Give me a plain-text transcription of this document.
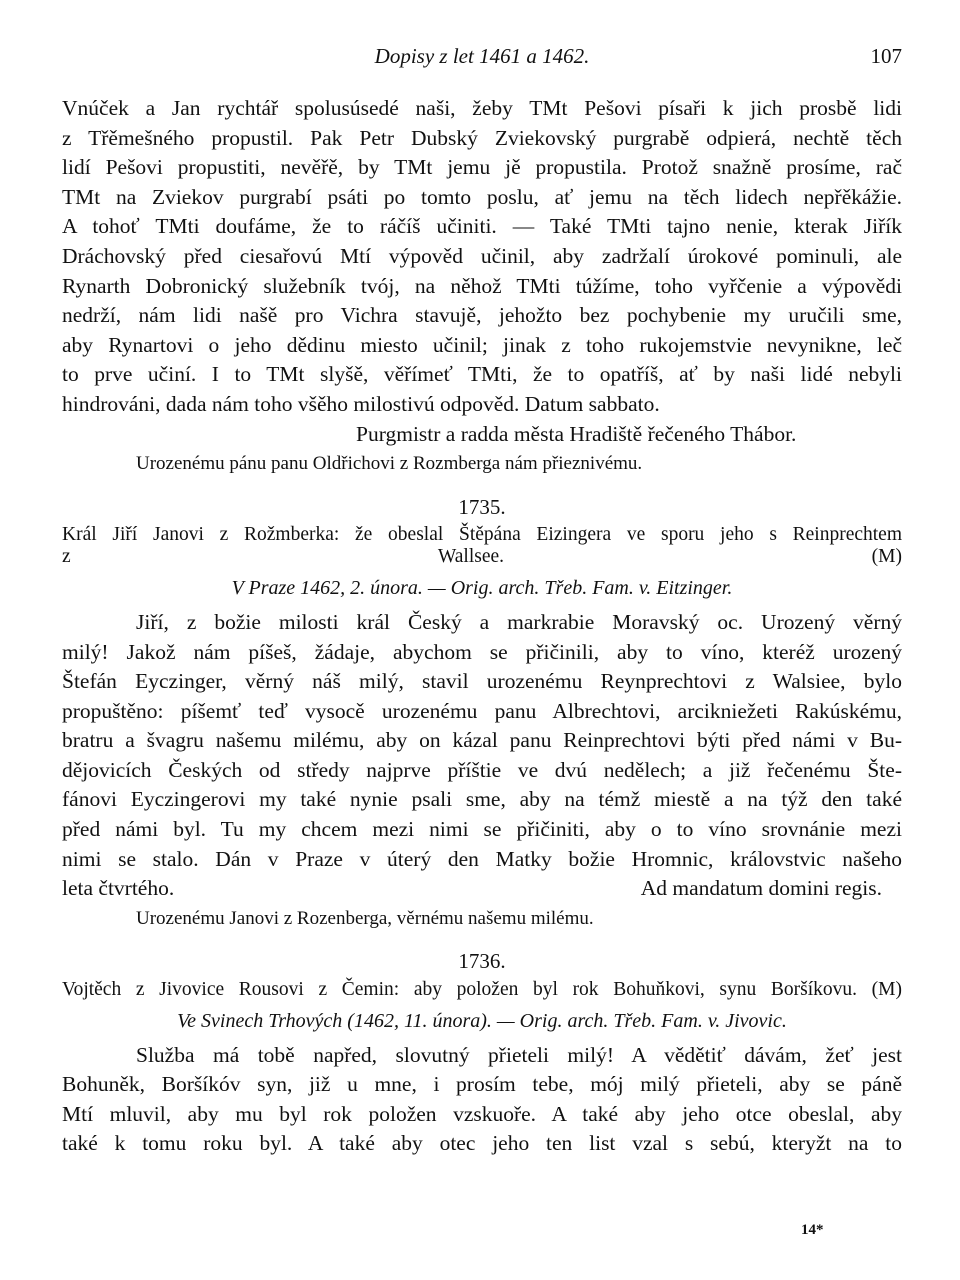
Dopisy z let 1461 a 1462.	107
Vnúček a Jan rychtář spolusúsedé naši, žeby TMt Pešovi písaři k jich prosbě lidi
z Třěmešného propustil. Pak Petr Dubský Zviekovský purgrabě odpierá, nechtě těch
lidí Pešovi propustiti, nevěřě, by TMt jemu jě propustila. Protož snažně prosíme, rač
TMt na Zviekov purgrabí psáti po tomto poslu, ať jemu na těch lidech nepřěkážie.
A tohoť TMti doufáme, že to ráčíš učiniti. — Také TMti tajno nenie, kterak Jiřík
Dráchovský před ciesařovú Mtí výpověd učinil, aby zadržalí úrokové pominuli, ale
Rynarth Dobronický služebník tvój, na něhož TMti túžíme, toho vyřčenie a výpovědi
nedrží, nám lidi našě pro Vichra stavujě, jehožto bez pochybenie my uručili sme,
aby Rynartovi o jeho dědinu miesto učinil; jinak z toho rukojemstvie nevynikne, leč
to prve učiní. I to TMt slyšě, věřímeť TMti, že to opatříš, ať by naši lidé nebyli
hindrováni, dada nám toho všěho milostivú odpověd. Datum sabbato.
Purgmistr a radda města Hradiště řečeného Thábor.
Urozenému pánu panu Oldřichovi z Rozmberga nám přieznivému.
1735.
Král Jiří Janovi z Rožmberka: že obeslal Štěpána Eizingera ve sporu jeho s Reinprechtem
z Wallsee. (M)
V Praze 1462, 2. února. — Orig. arch. Třeb. Fam. v. Eitzinger.
Jiří, z božie milosti král Český a markrabie Moravský oc. Urozený věrný
milý! Jakož nám píšeš, žádaje, abychom se přičinili, aby to víno, kteréž urozený
Štefán Eyczinger, věrný náš milý, stavil urozenému Reynprechtovi z Walsiee, bylo
propuštěno: píšemť teď vysocě urozenému panu Albrechtovi, arcikniežeti Rakúskému,
bratru a švagru našemu milému, aby on kázal panu Reinprechtovi býti před námi v Bu-
dějovicích Českých od středy najprve příštie ve dvú nedělech; a již řečenému Šte-
fánovi Eyczingerovi my také nynie psali sme, aby na témž miestě a na týž den také
před námi byl. Tu my chcem mezi nimi se přičiniti, aby o to víno srovnánie mezi
nimi se stalo. Dán v Praze v úterý den Matky božie Hromnic, královstvic našeho
leta čtvrtého.	Ad mandatum domini regis.
Urozenému Janovi z Rozenberga, věrnému našemu milému.
1736.
Vojtěch z Jivovice Rousovi z Čemin: aby položen byl rok Bohuňkovi, synu Boršíkovu. (M)
Ve Svinech Trhových (1462, 11. února). — Orig. arch. Třeb. Fam. v. Jivovic.
Služba má tobě napřed, slovutný přieteli milý! A vědětiť dávám, žeť jest
Bohuněk, Boršíkóv syn, již u mne, i prosím tebe, mój milý přieteli, aby se páně
Mtí mluvil, aby mu byl rok položen vzskuoře. A také aby jeho otce obeslal, aby
také k tomu roku byl. A také aby otec jeho ten list vzal s sebú, kteryžt na to
14*
